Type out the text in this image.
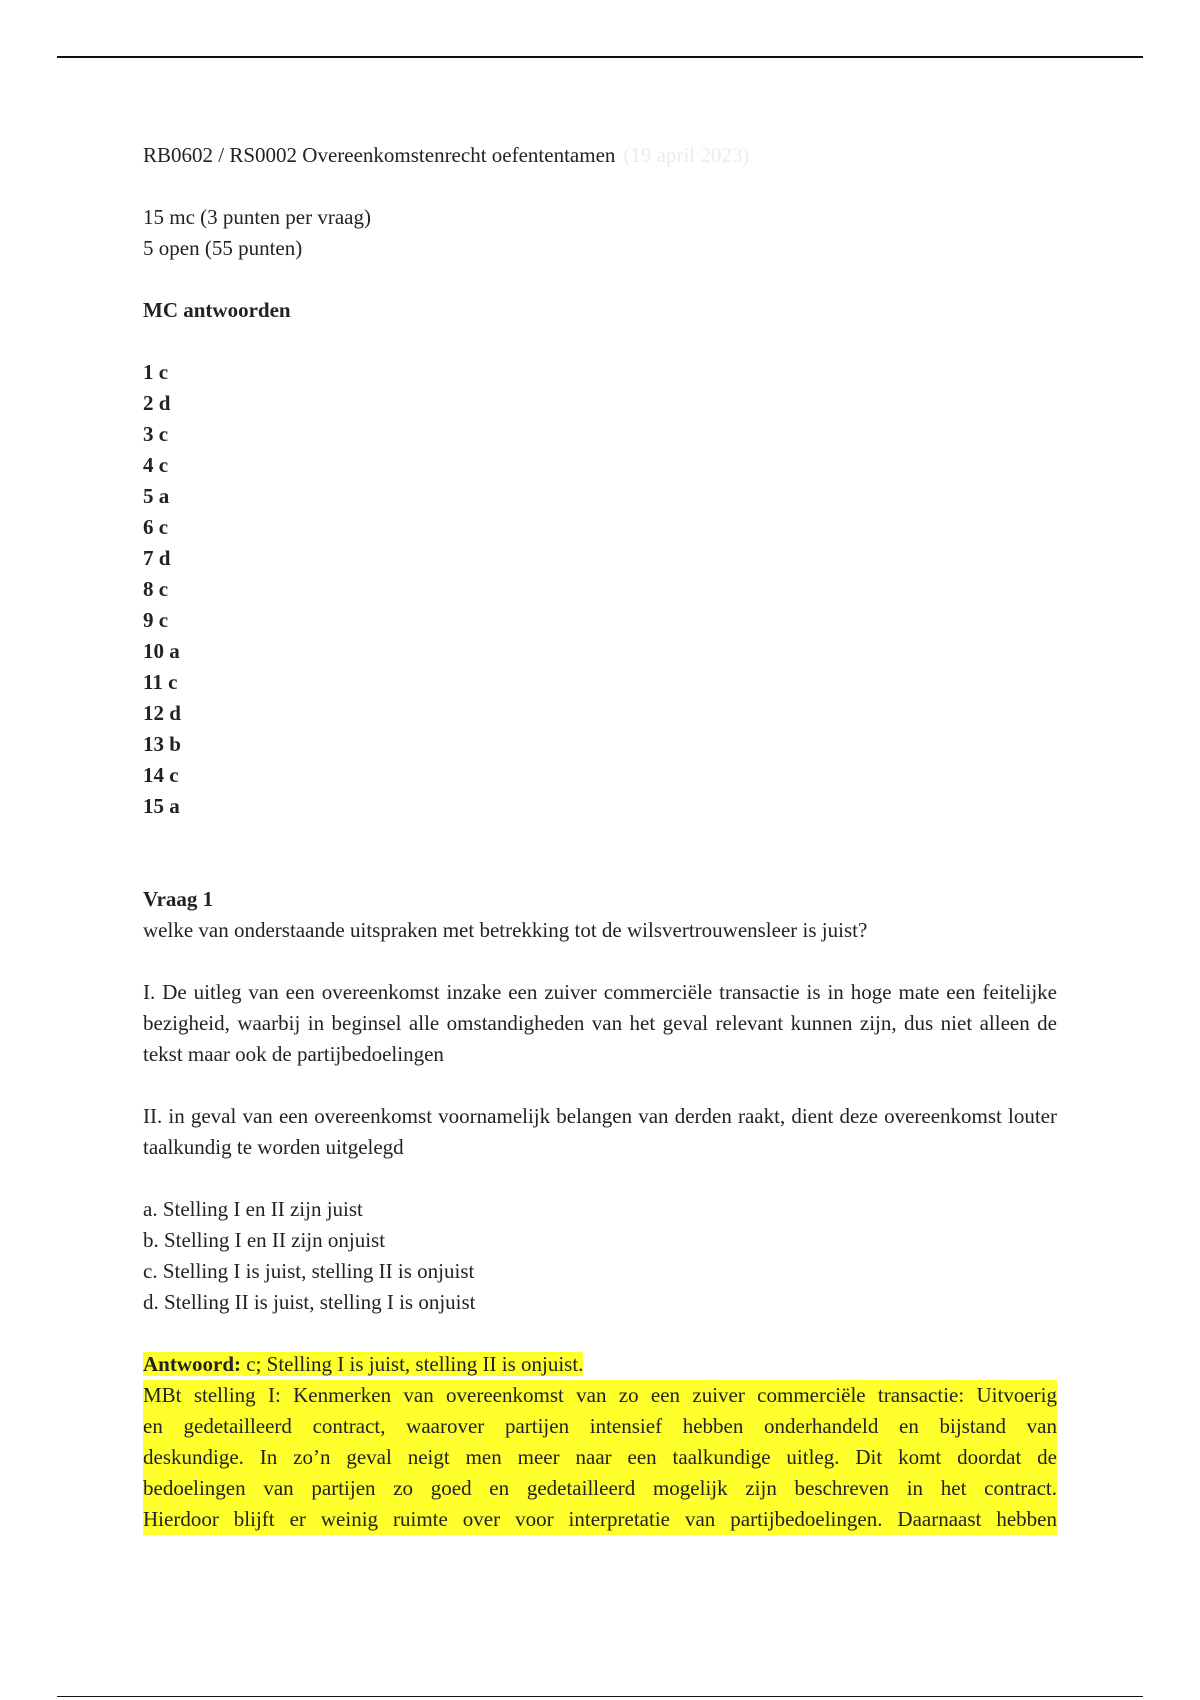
RB0602 / RS0002 Overeenkomstenrecht oefententamen (19 april 2023)

15 mc (3 punten per vraag)

5 open (55 punten)

MC antwoorden

1 c
2 d
3 c
4 c
5 a
6 c
7 d
8 c
9 c
10 a
11 c
12 d
13 b
14 c
15 a

Vraag 1

welke van onderstaande uitspraken met betrekking tot de wilsvertrouwensleer is juist?

I. De uitleg van een overeenkomst inzake een zuiver commerciële transactie is in hoge mate een feitelijke bezigheid, waarbij in beginsel alle omstandigheden van het geval relevant kunnen zijn, dus niet alleen de tekst maar ook de partijbedoelingen

II. in geval van een overeenkomst voornamelijk belangen van derden raakt, dient deze overeenkomst louter taalkundig te worden uitgelegd

a. Stelling I en II zijn juist

b. Stelling I en II zijn onjuist

c. Stelling I is juist, stelling II is onjuist

d. Stelling II is juist, stelling I is onjuist

Antwoord: c; Stelling I is juist, stelling II is onjuist.

MBt stelling I: Kenmerken van overeenkomst van zo een zuiver commerciële transactie: Uitvoerig
en gedetailleerd contract, waarover partijen intensief hebben onderhandeld en bijstand van
deskundige. In zo’n geval neigt men meer naar een taalkundige uitleg. Dit komt doordat de
bedoelingen van partijen zo goed en gedetailleerd mogelijk zijn beschreven in het contract.
Hierdoor blijft er weinig ruimte over voor interpretatie van partijbedoelingen. Daarnaast hebben
